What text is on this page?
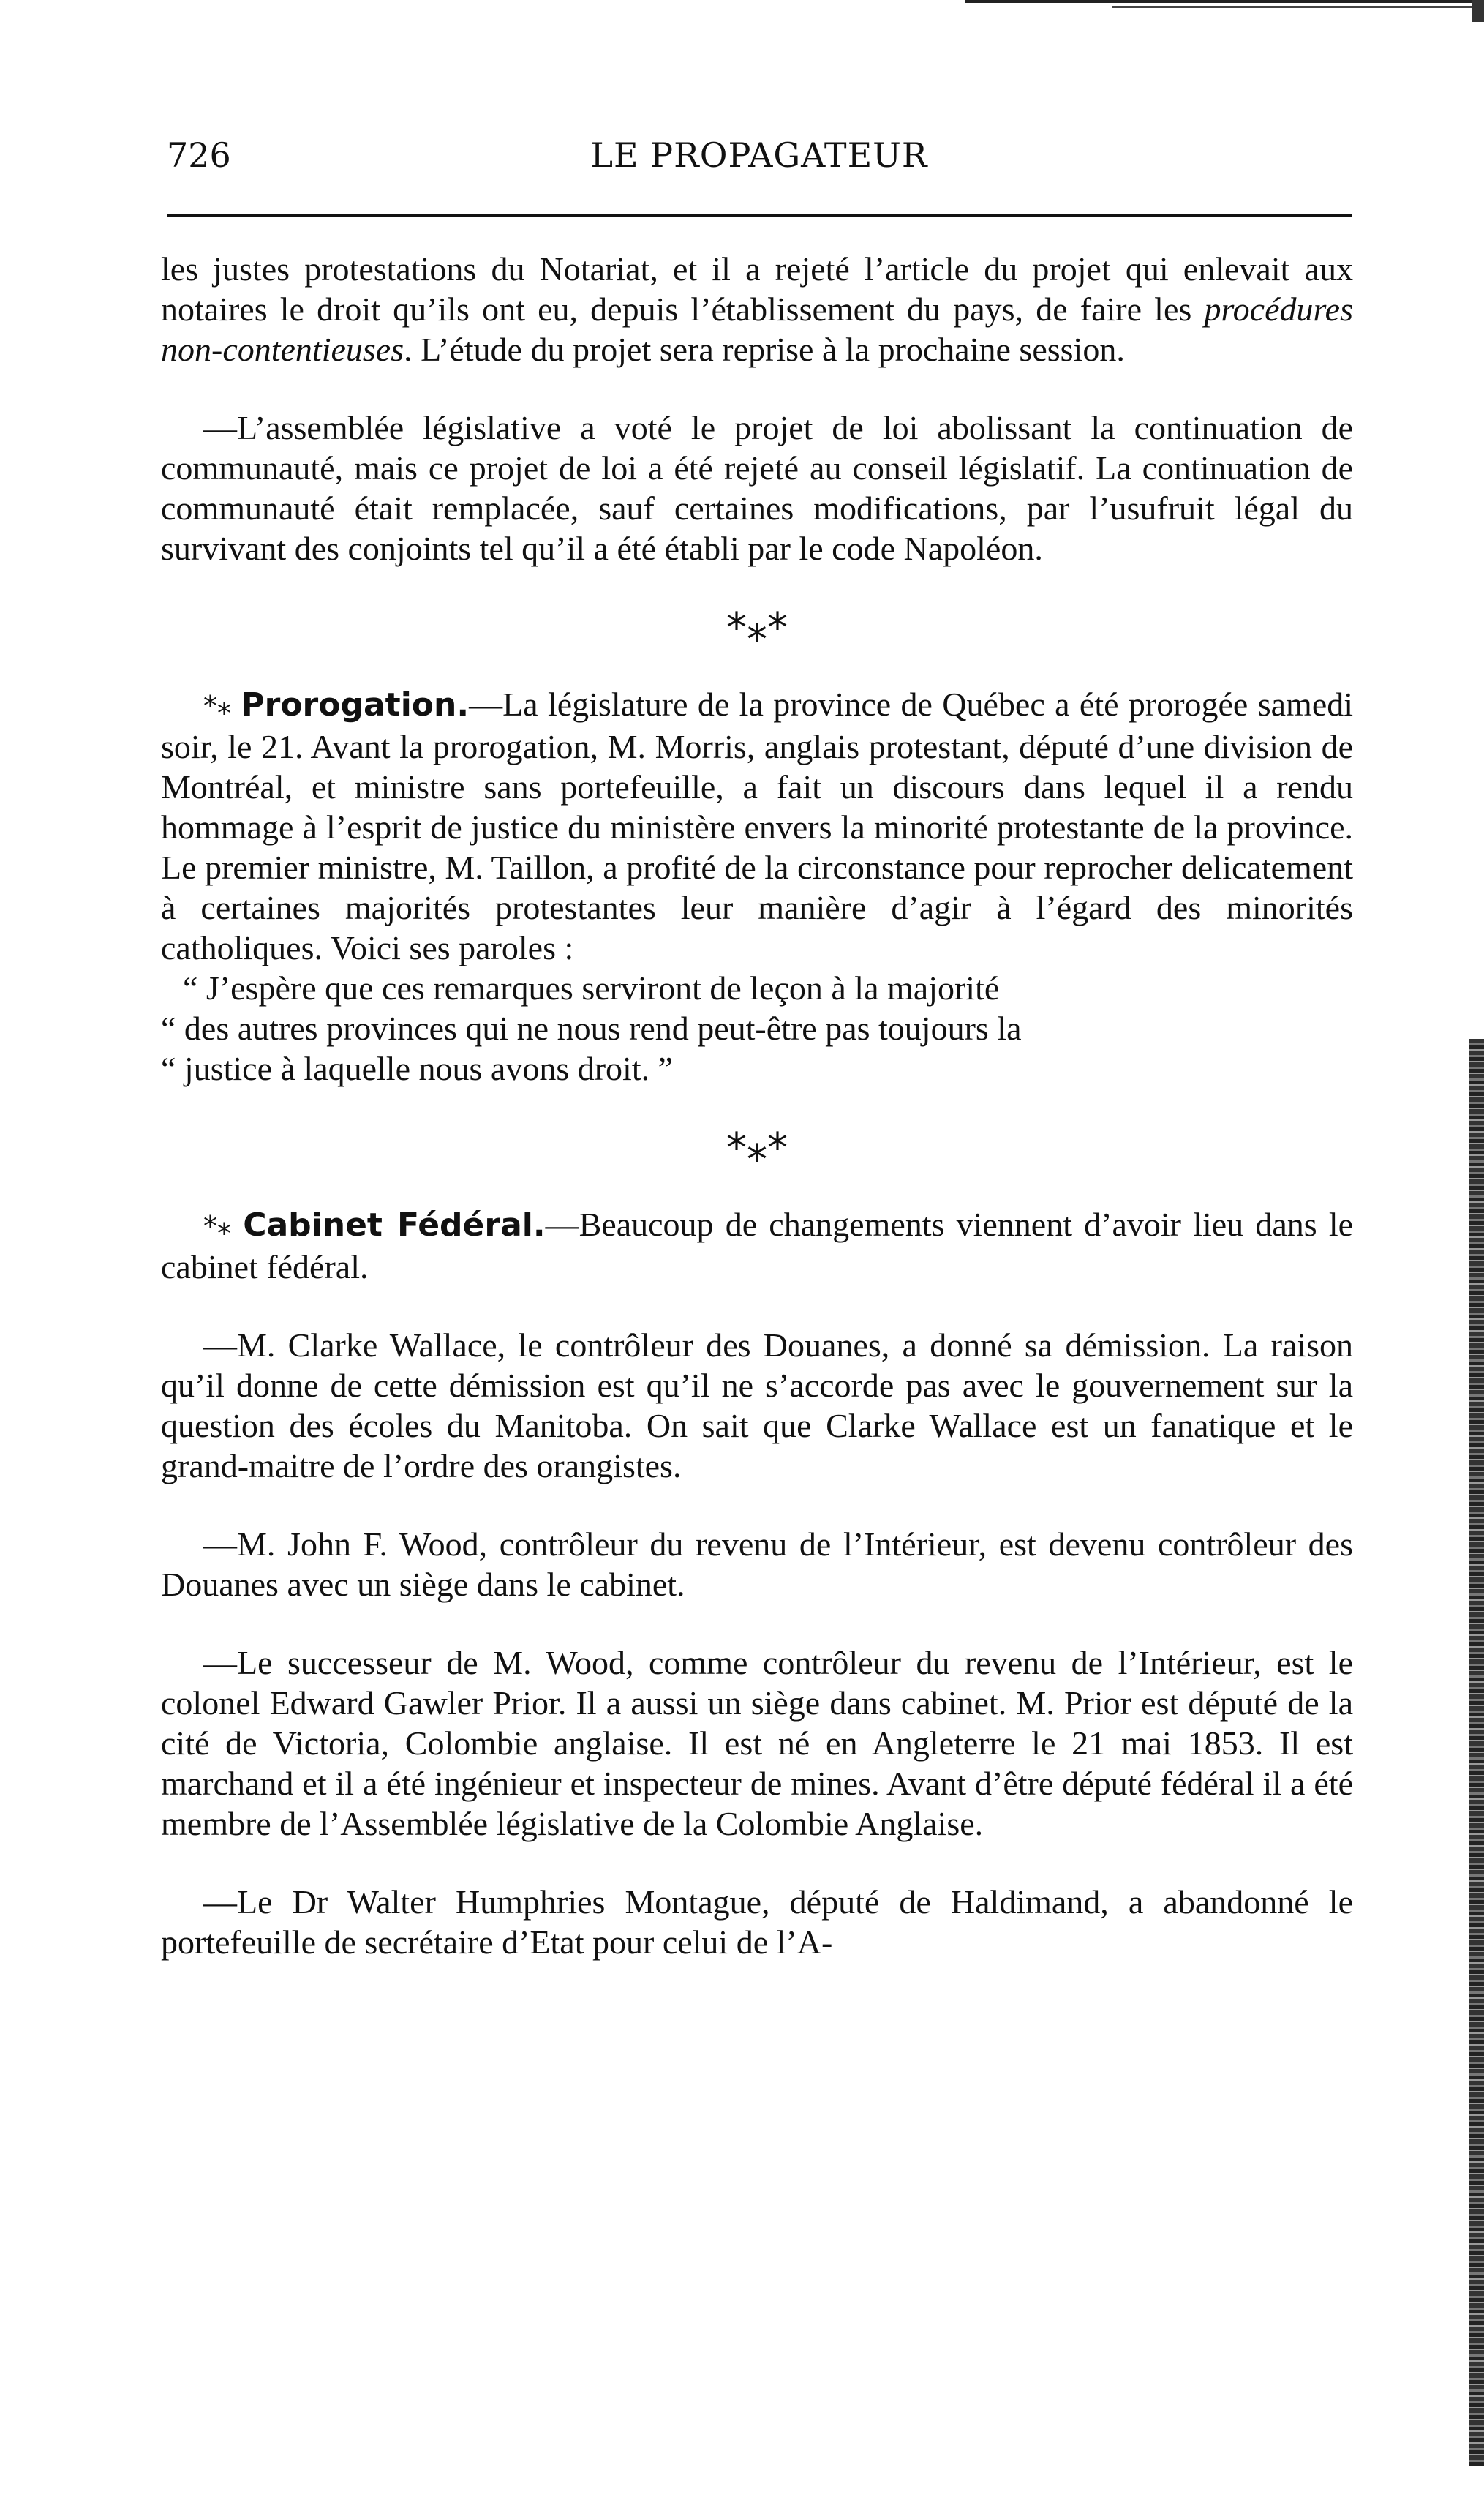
726	LE PROPAGATEUR

les justes protestations du Notariat, et il a rejeté l’article du projet qui enlevait aux notaires le droit qu’ils ont eu, depuis l’établissement du pays, de faire les procédures non-contentieuses. L’étude du projet sera reprise à la prochaine session.

—L’assemblée législative a voté le projet de loi abolissant la continuation de communauté, mais ce projet de loi a été rejeté au conseil législatif. La continuation de communauté était remplacée, sauf certaines modifications, par l’usufruit légal du survivant des conjoints tel qu’il a été établi par le code Napoléon.

***
** Prorogation.—La législature de la province de Québec a été prorogée samedi soir, le 21. Avant la prorogation, M. Morris, anglais protestant, député d’une division de Montréal, et ministre sans portefeuille, a fait un discours dans lequel il a rendu hommage à l’esprit de justice du ministère envers la minorité protestante de la province. Le premier ministre, M. Taillon, a profité de la circonstance pour reprocher delicatement à certaines majorités protestantes leur manière d’agir à l’égard des minorités catholiques. Voici ses paroles :

“ J’espère que ces remarques serviront de leçon à la majorité

“ des autres provinces qui ne nous rend peut-être pas toujours la

“ justice à laquelle nous avons droit. ”

***
** Cabinet Fédéral.—Beaucoup de changements viennent d’avoir lieu dans le cabinet fédéral.

—M. Clarke Wallace, le contrôleur des Douanes, a donné sa démission. La raison qu’il donne de cette démission est qu’il ne s’accorde pas avec le gouvernement sur la question des écoles du Manitoba. On sait que Clarke Wallace est un fanatique et le grand-maitre de l’ordre des orangistes.

—M. John F. Wood, contrôleur du revenu de l’Intérieur, est devenu contrôleur des Douanes avec un siège dans le cabinet.

—Le successeur de M. Wood, comme contrôleur du revenu de l’Intérieur, est le colonel Edward Gawler Prior. Il a aussi un siège dans cabinet. M. Prior est député de la cité de Victoria, Colombie anglaise. Il est né en Angleterre le 21 mai 1853. Il est marchand et il a été ingénieur et inspecteur de mines. Avant d’être député fédéral il a été membre de l’Assemblée législative de la Colombie Anglaise.

—Le Dr Walter Humphries Montague, député de Haldimand, a abandonné le portefeuille de secrétaire d’Etat pour celui de l’A-
